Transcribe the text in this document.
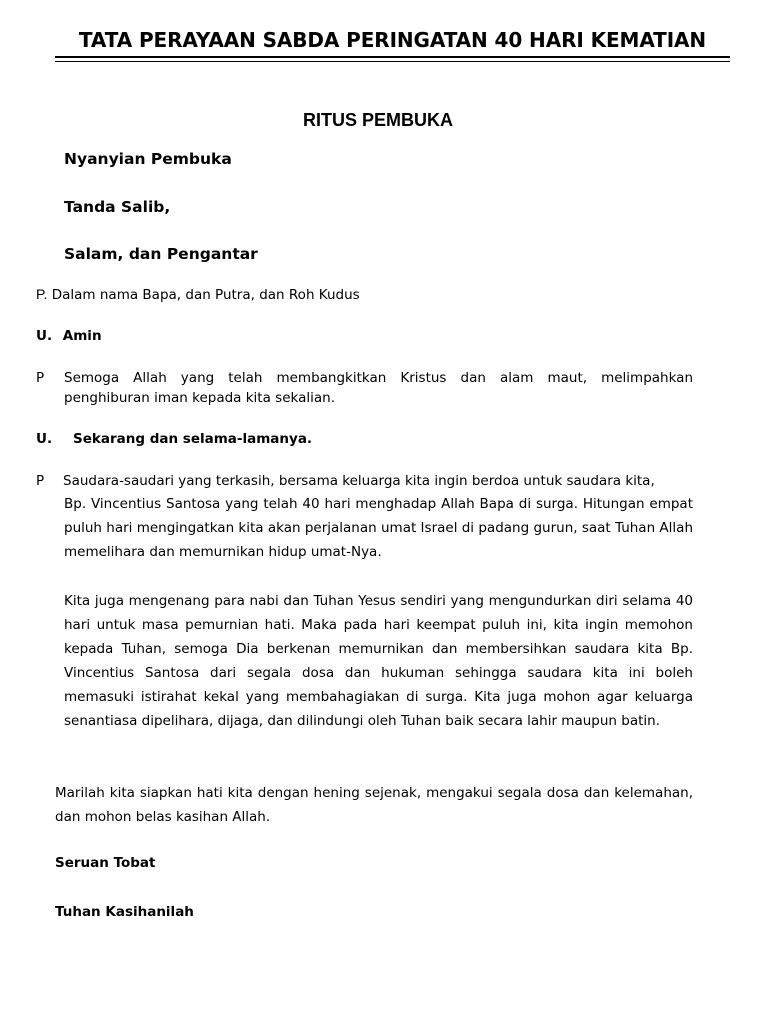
TATA PERAYAAN SABDA PERINGATAN 40 HARI KEMATIAN
RITUS PEMBUKA
Nyanyian Pembuka
Tanda Salib,
Salam, dan Pengantar
P. Dalam nama Bapa, dan Putra, dan Roh Kudus
U. Amin
P Semoga Allah yang telah membangkitkan Kristus dan alam maut, melimpahkan penghiburan iman kepada kita sekalian.
U. Sekarang dan selama-lamanya.
P Saudara-saudari yang terkasih, bersama keluarga kita ingin berdoa untuk saudara kita,
Bp. Vincentius Santosa yang telah 40 hari menghadap Allah Bapa di surga. Hitungan empat puluh hari mengingatkan kita akan perjalanan umat Israel di padang gurun, saat Tuhan Allah memelihara dan memurnikan hidup umat-Nya.
Kita juga mengenang para nabi dan Tuhan Yesus sendiri yang mengundurkan diri selama 40 hari untuk masa pemurnian hati. Maka pada hari keempat puluh ini, kita ingin memohon kepada Tuhan, semoga Dia berkenan memurnikan dan membersihkan saudara kita Bp. Vincentius Santosa dari segala dosa dan hukuman sehingga saudara kita ini boleh memasuki istirahat kekal yang membahagiakan di surga. Kita juga mohon agar keluarga senantiasa dipelihara, dijaga, dan dilindungi oleh Tuhan baik secara lahir maupun batin.
Marilah kita siapkan hati kita dengan hening sejenak, mengakui segala dosa dan kelemahan, dan mohon belas kasihan Allah.
Seruan Tobat
Tuhan Kasihanilah
